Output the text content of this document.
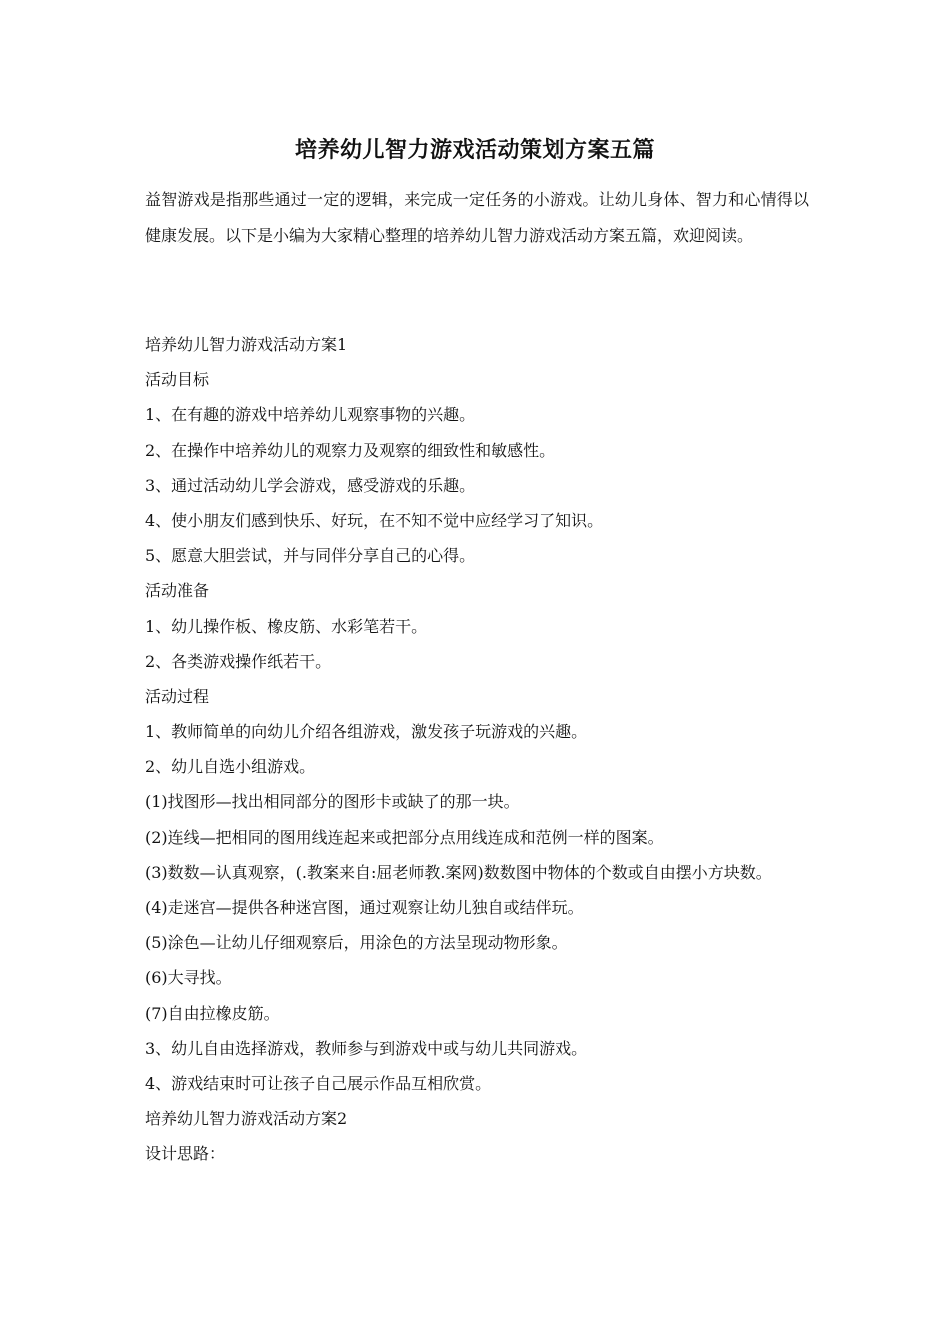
培养幼儿智力游戏活动策划方案五篇

益智游戏是指那些通过一定的逻辑，来完成一定任务的小游戏。让幼儿身体、智力和心情得以健康发展。以下是小编为大家精心整理的培养幼儿智力游戏活动方案五篇，欢迎阅读。

培养幼儿智力游戏活动方案1

活动目标

1、在有趣的游戏中培养幼儿观察事物的兴趣。

2、在操作中培养幼儿的观察力及观察的细致性和敏感性。

3、通过活动幼儿学会游戏，感受游戏的乐趣。

4、使小朋友们感到快乐、好玩，在不知不觉中应经学习了知识。

5、愿意大胆尝试，并与同伴分享自己的心得。

活动准备

1、幼儿操作板、橡皮筋、水彩笔若干。

2、各类游戏操作纸若干。

活动过程

1、教师简单的向幼儿介绍各组游戏，激发孩子玩游戏的兴趣。

2、幼儿自选小组游戏。

(1)找图形—找出相同部分的图形卡或缺了的那一块。

(2)连线—把相同的图用线连起来或把部分点用线连成和范例一样的图案。

(3)数数—认真观察，(.教案来自:屈老师教.案网)数数图中物体的个数或自由摆小方块数。

(4)走迷宫—提供各种迷宫图，通过观察让幼儿独自或结伴玩。

(5)涂色—让幼儿仔细观察后，用涂色的方法呈现动物形象。

(6)大寻找。

(7)自由拉橡皮筋。

3、幼儿自由选择游戏，教师参与到游戏中或与幼儿共同游戏。

4、游戏结束时可让孩子自己展示作品互相欣赏。

培养幼儿智力游戏活动方案2

设计思路：
